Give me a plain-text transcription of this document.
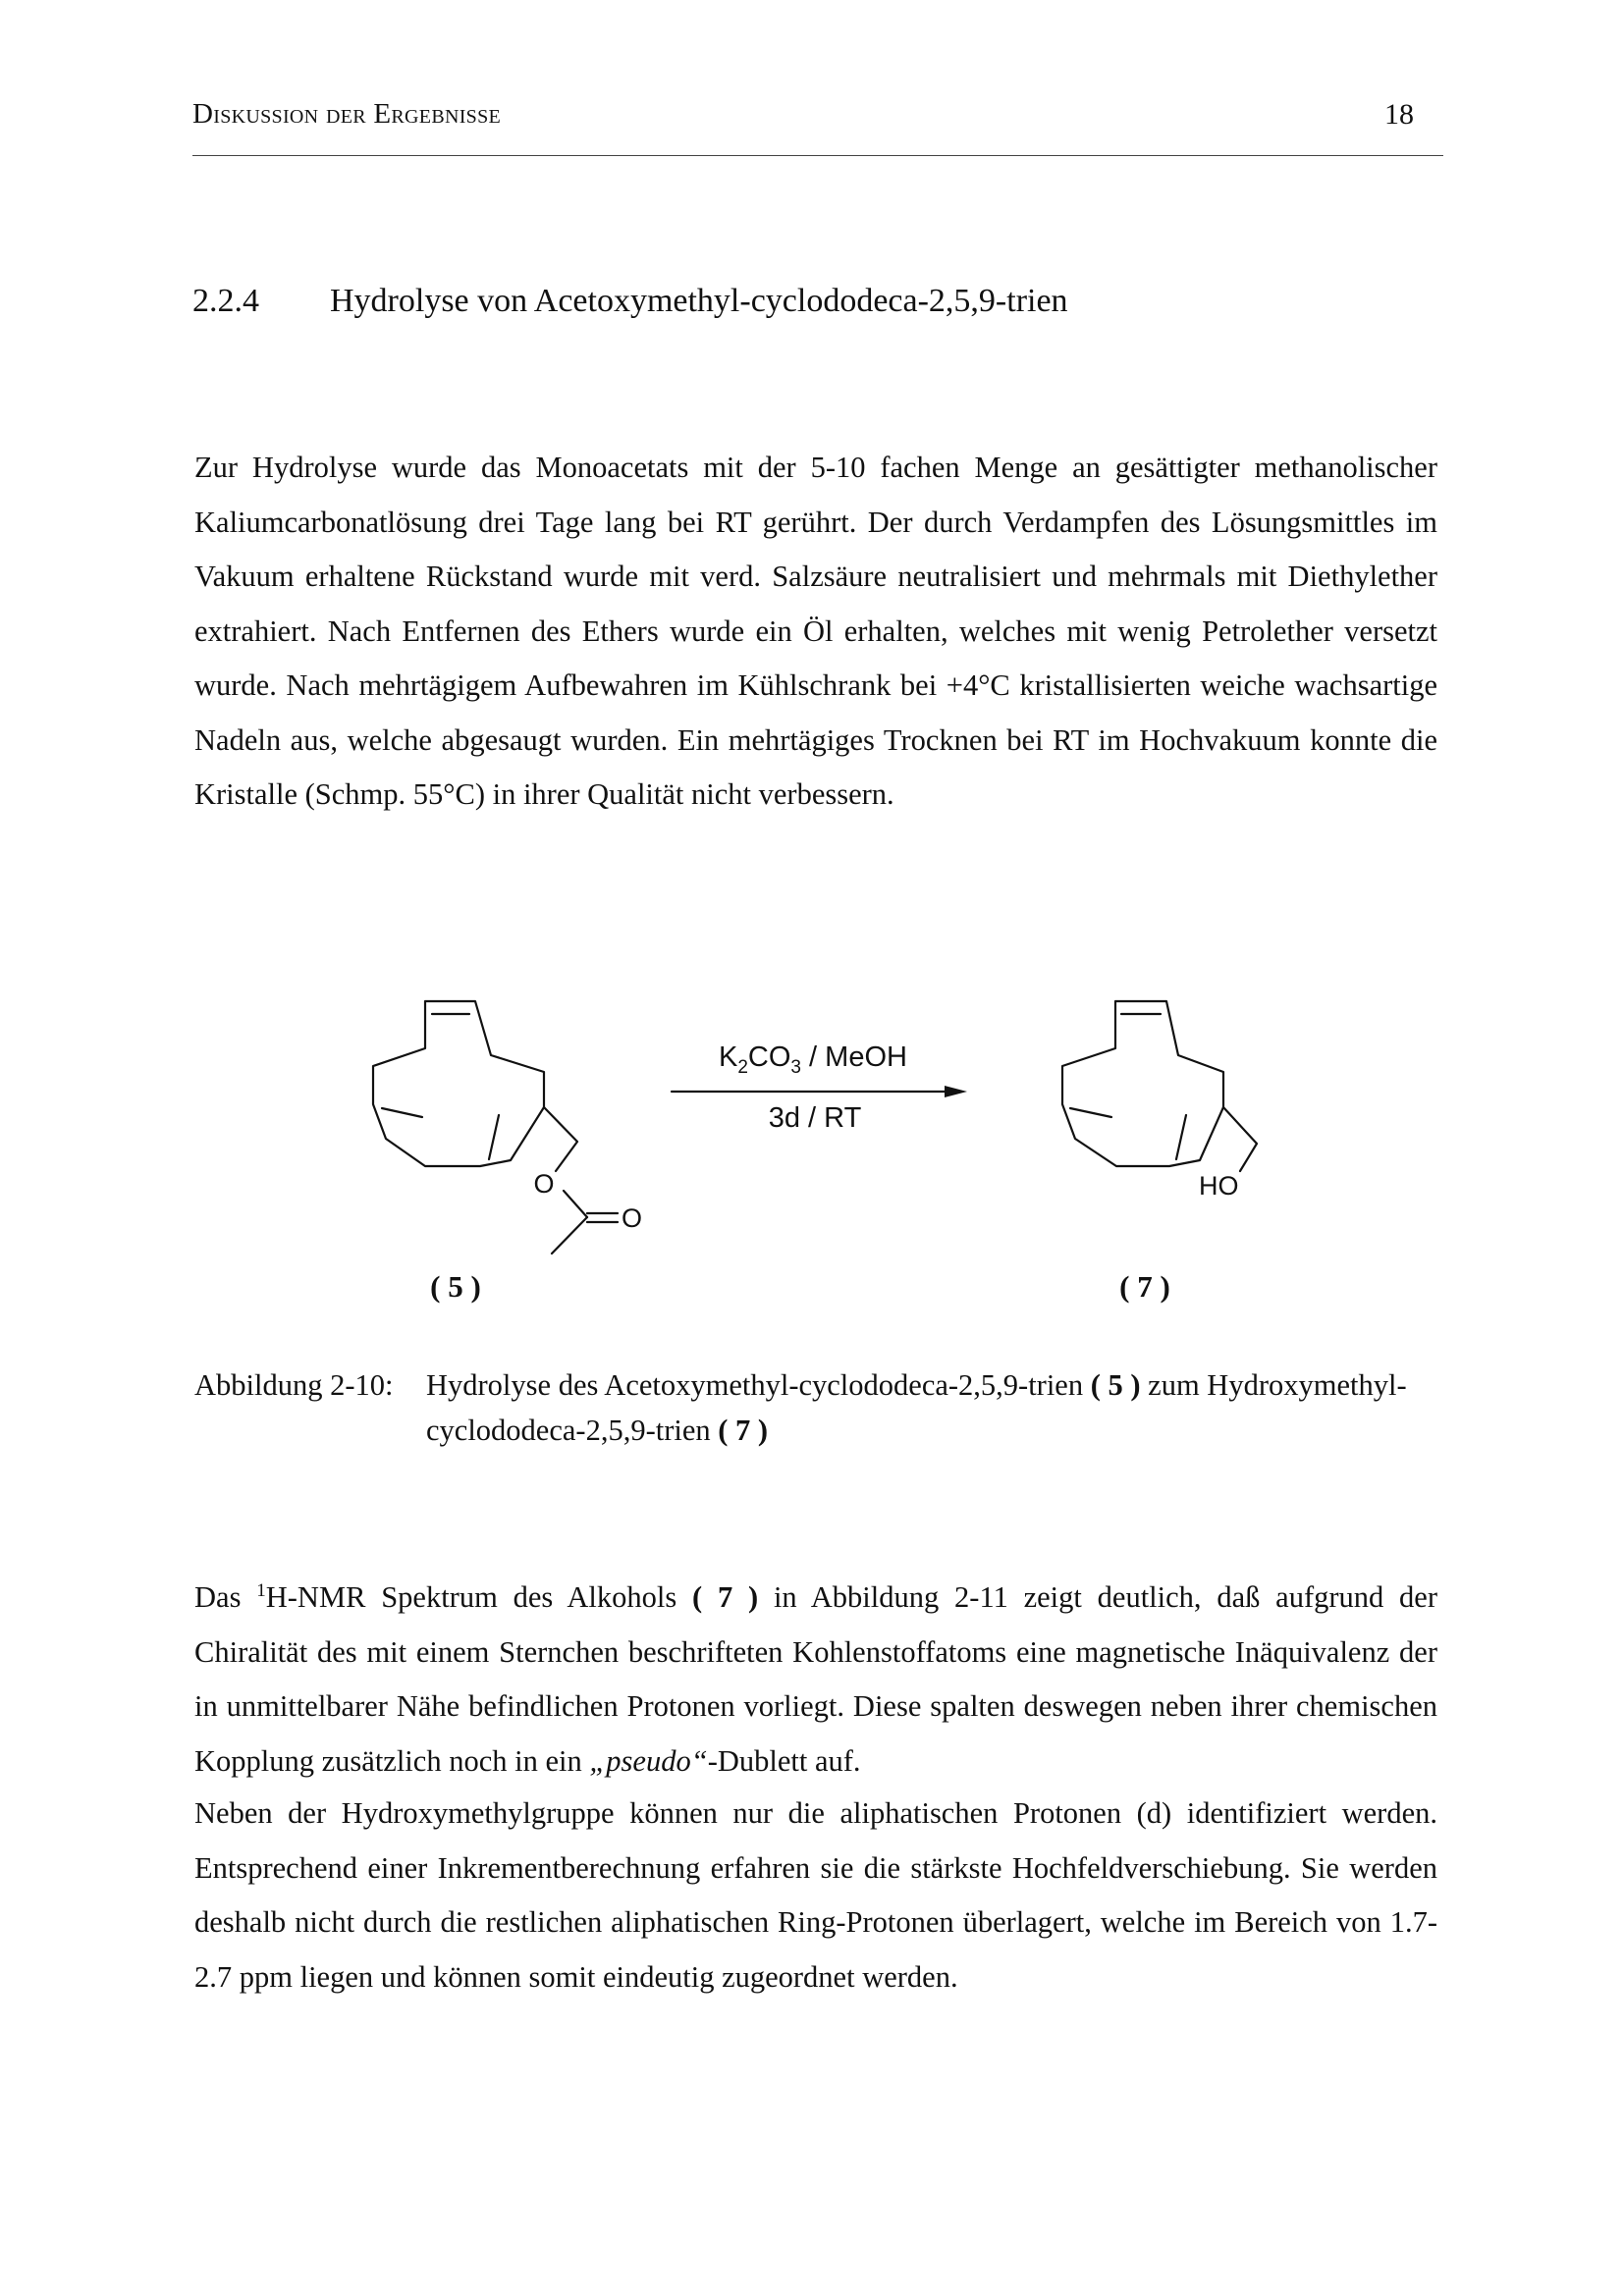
Diskussion der Ergebnisse	18
2.2.4 Hydrolyse von Acetoxymethyl-cyclododeca-2,5,9-trien

Zur Hydrolyse wurde das Monoacetats mit der 5-10 fachen Menge an gesättigter methanolischer Kaliumcarbonatlösung drei Tage lang bei RT gerührt. Der durch Verdampfen des Lösungsmittles im Vakuum erhaltene Rückstand wurde mit verd. Salzsäure neutralisiert und mehrmals mit Diethylether extrahiert. Nach Entfernen des Ethers wurde ein Öl erhalten, welches mit wenig Petrolether versetzt wurde. Nach mehrtägigem Aufbewahren im Kühlschrank bei +4°C kristallisierten weiche wachsartige Nadeln aus, welche abgesaugt wurden. Ein mehrtägiges Trocknen bei RT im Hochvakuum konnte die Kristalle (Schmp. 55°C) in ihrer Qualität nicht verbessern.

O
O
HO
$K_2CO_3$ / MeOH
3d / RT
( 5 )	( 7 )
Abbildung 2-10: Hydrolyse des Acetoxymethyl-cyclododeca-2,5,9-trien ( 5 ) zum Hydroxymethyl-cyclododeca-2,5,9-trien ( 7 )

Das $^1$H-NMR Spektrum des Alkohols ( 7 ) in Abbildung 2-11 zeigt deutlich, daß aufgrund der Chiralität des mit einem Sternchen beschrifteten Kohlenstoffatoms eine magnetische Inäquivalenz der in unmittelbarer Nähe befindlichen Protonen vorliegt. Diese spalten deswegen neben ihrer chemischen Kopplung zusätzlich noch in ein „pseudo“-Dublett auf.

Neben der Hydroxymethylgruppe können nur die aliphatischen Protonen (d) identifiziert werden. Entsprechend einer Inkrementberechnung erfahren sie die stärkste Hochfeldverschiebung. Sie werden deshalb nicht durch die restlichen aliphatischen Ring-Protonen überlagert, welche im Bereich von 1.7-2.7 ppm liegen und können somit eindeutig zugeordnet werden.
